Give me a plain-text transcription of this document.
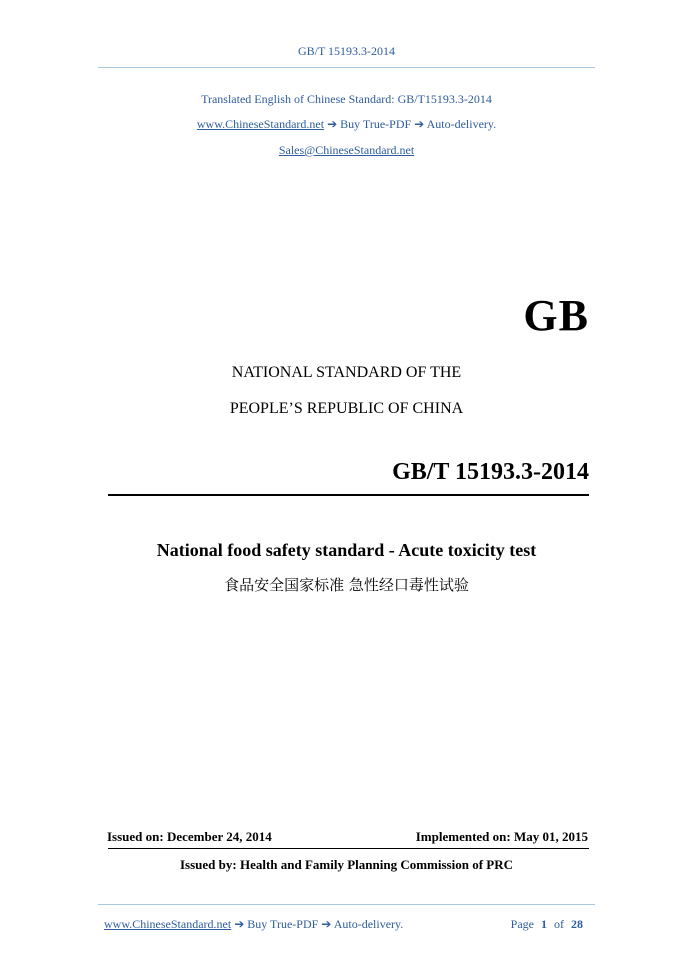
GB/T 15193.3-2014
Translated English of Chinese Standard: GB/T15193.3-2014
www.ChineseStandard.net ➔ Buy True-PDF ➔ Auto-delivery.
Sales@ChineseStandard.net
GB
NATIONAL STANDARD OF THE
PEOPLE’S REPUBLIC OF CHINA
GB/T 15193.3-2014
National food safety standard - Acute toxicity test
食品安全国家标准 急性经口毒性试验
Issued on: December 24, 2014	Implemented on: May 01, 2015
Issued by: Health and Family Planning Commission of PRC
www.ChineseStandard.net ➔ Buy True-PDF ➔ Auto-delivery.	Page 1 of 28
